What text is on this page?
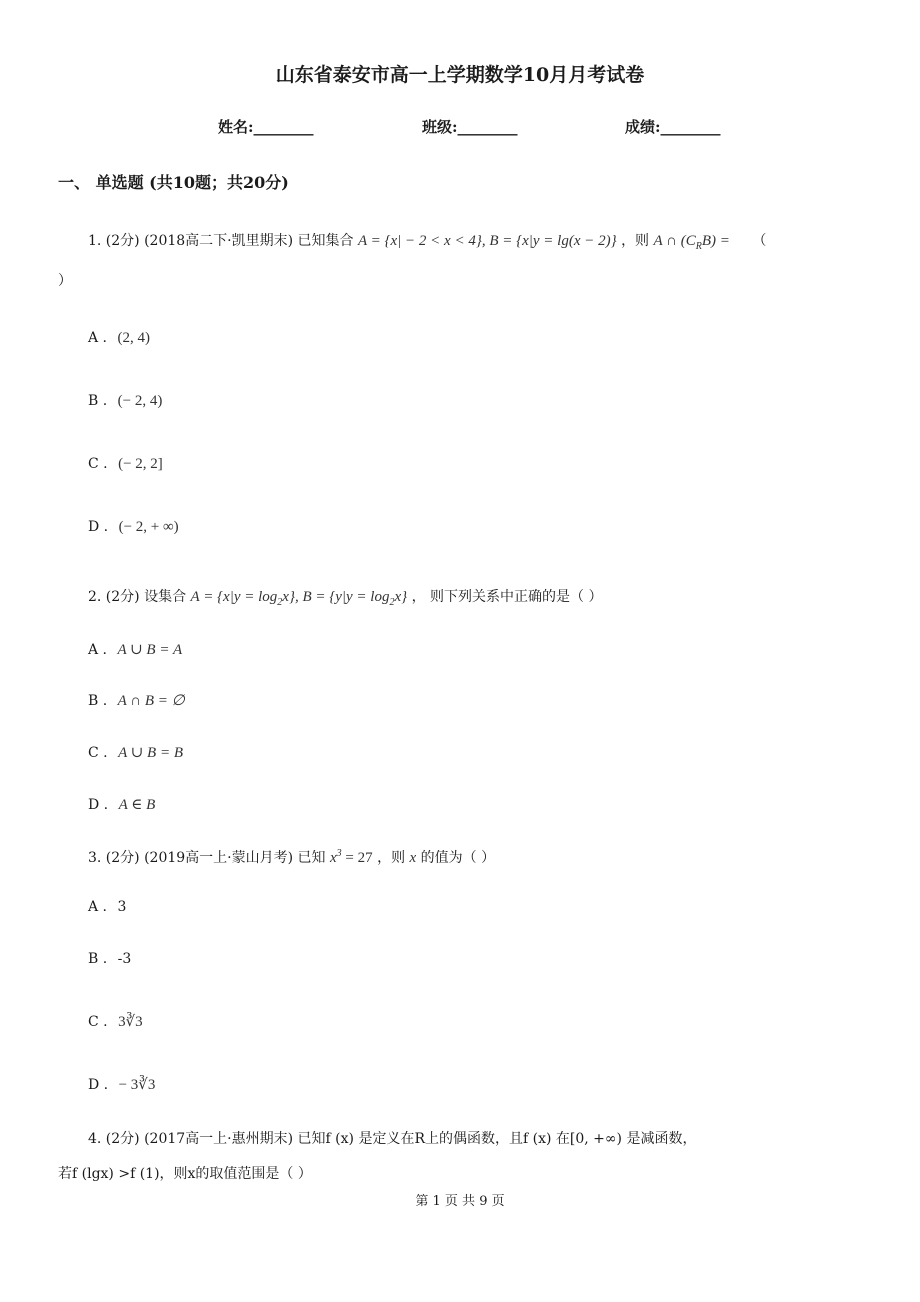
山东省泰安市高一上学期数学10月月考试卷
姓名:________	班级:________	成绩:________
一、 单选题 (共10题；共20分)
1. (2分) (2018高二下·凯里期末) 已知集合 A = {x| − 2 < x < 4}, B = {x|y = lg(x − 2)} ，则 A ∩ $(C_RB)$ = （
）
A . (2, 4)
B . (− 2, 4)
C . (− 2, 2]
D . (− 2, + ∞)
2. (2分) 设集合 $A = \{x|y = \log_2x\}$, $B = \{y|y = \log_2x\}$ ， 则下列关系中正确的是（ ）
A . A ∪ B = A
B . A ∩ B = ∅
C . A ∪ B = B
D . A ∈ B
3. (2分) (2019高一上·蒙山月考) 已知 $x^3 = 27$ ，则 x 的值为（ ）
A . 3
B . -3
C . 3∛3
D . − 3∛3
4. (2分) (2017高一上·惠州期末) 已知f (x) 是定义在R上的偶函数，且f (x) 在[0, +∞) 是减函数，
若f (lgx) >f (1)，则x的取值范围是（ ）
第 1 页 共 9 页
